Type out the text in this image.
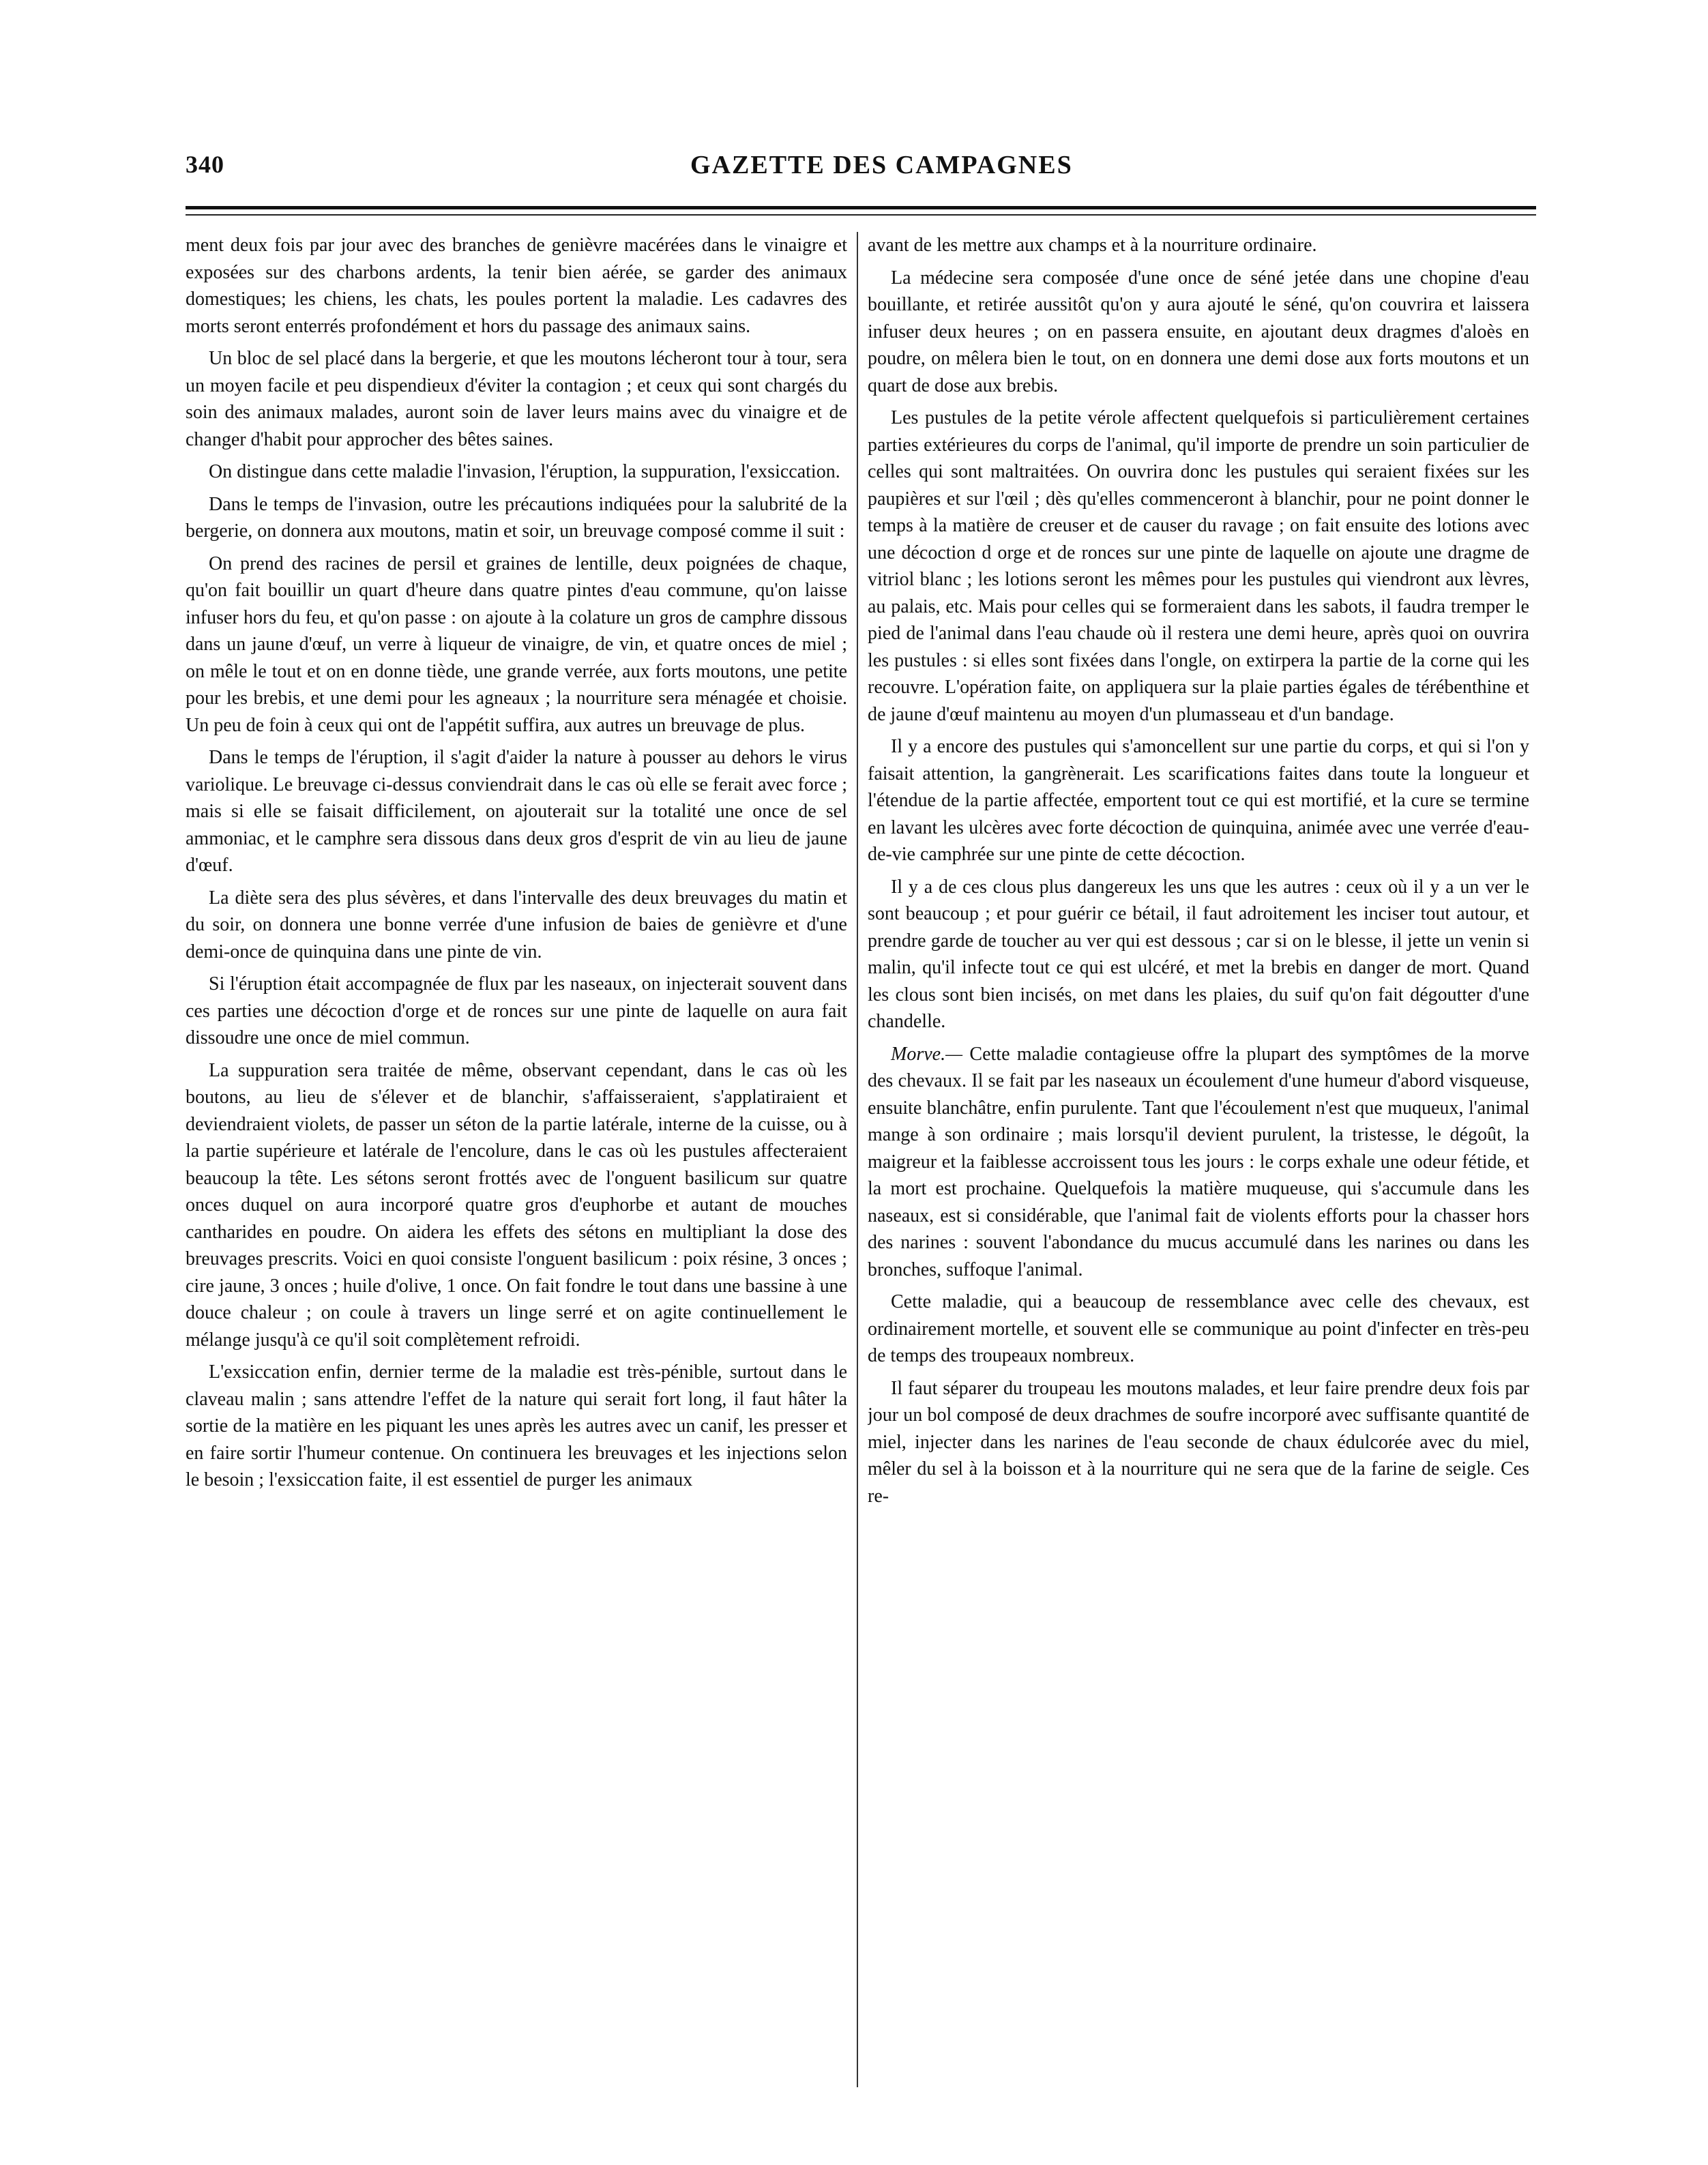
340	GAZETTE DES CAMPAGNES

ment deux fois par jour avec des branches de genièvre macérées dans le vinaigre et exposées sur des charbons ardents, la tenir bien aérée, se garder des animaux domestiques; les chiens, les chats, les poules portent la maladie. Les cadavres des morts seront enterrés profondément et hors du passage des animaux sains.

Un bloc de sel placé dans la bergerie, et que les moutons lécheront tour à tour, sera un moyen facile et peu dispendieux d'éviter la contagion ; et ceux qui sont chargés du soin des animaux malades, auront soin de laver leurs mains avec du vinaigre et de changer d'habit pour approcher des bêtes saines.

On distingue dans cette maladie l'invasion, l'éruption, la suppuration, l'exsiccation.

Dans le temps de l'invasion, outre les précautions indiquées pour la salubrité de la bergerie, on donnera aux moutons, matin et soir, un breuvage composé comme il suit :

On prend des racines de persil et graines de lentille, deux poignées de chaque, qu'on fait bouillir un quart d'heure dans quatre pintes d'eau commune, qu'on laisse infuser hors du feu, et qu'on passe : on ajoute à la colature un gros de camphre dissous dans un jaune d'œuf, un verre à liqueur de vinaigre, de vin, et quatre onces de miel ; on mêle le tout et on en donne tiède, une grande verrée, aux forts moutons, une petite pour les brebis, et une demi pour les agneaux ; la nourriture sera ménagée et choisie. Un peu de foin à ceux qui ont de l'appétit suffira, aux autres un breuvage de plus.

Dans le temps de l'éruption, il s'agit d'aider la nature à pousser au dehors le virus variolique. Le breuvage ci-dessus conviendrait dans le cas où elle se ferait avec force ; mais si elle se faisait difficilement, on ajouterait sur la totalité une once de sel ammoniac, et le camphre sera dissous dans deux gros d'esprit de vin au lieu de jaune d'œuf.

La diète sera des plus sévères, et dans l'intervalle des deux breuvages du matin et du soir, on donnera une bonne verrée d'une infusion de baies de genièvre et d'une demi-once de quinquina dans une pinte de vin.

Si l'éruption était accompagnée de flux par les naseaux, on injecterait souvent dans ces parties une décoction d'orge et de ronces sur une pinte de laquelle on aura fait dissoudre une once de miel commun.

La suppuration sera traitée de même, observant cependant, dans le cas où les boutons, au lieu de s'élever et de blanchir, s'affaisseraient, s'applatiraient et deviendraient violets, de passer un séton de la partie latérale, interne de la cuisse, ou à la partie supérieure et latérale de l'encolure, dans le cas où les pustules affecteraient beaucoup la tête. Les sétons seront frottés avec de l'onguent basilicum sur quatre onces duquel on aura incorporé quatre gros d'euphorbe et autant de mouches cantharides en poudre. On aidera les effets des sétons en multipliant la dose des breuvages prescrits. Voici en quoi consiste l'onguent basilicum : poix résine, 3 onces ; cire jaune, 3 onces ; huile d'olive, 1 once. On fait fondre le tout dans une bassine à une douce chaleur ; on coule à travers un linge serré et on agite continuellement le mélange jusqu'à ce qu'il soit complètement refroidi.

L'exsiccation enfin, dernier terme de la maladie est très-pénible, surtout dans le claveau malin ; sans attendre l'effet de la nature qui serait fort long, il faut hâter la sortie de la matière en les piquant les unes après les autres avec un canif, les presser et en faire sortir l'humeur contenue. On continuera les breuvages et les injections selon le besoin ; l'exsiccation faite, il est essentiel de purger les animaux

avant de les mettre aux champs et à la nourriture ordinaire.

La médecine sera composée d'une once de séné jetée dans une chopine d'eau bouillante, et retirée aussitôt qu'on y aura ajouté le séné, qu'on couvrira et laissera infuser deux heures ; on en passera ensuite, en ajoutant deux dragmes d'aloès en poudre, on mêlera bien le tout, on en donnera une demi dose aux forts moutons et un quart de dose aux brebis.

Les pustules de la petite vérole affectent quelquefois si particulièrement certaines parties extérieures du corps de l'animal, qu'il importe de prendre un soin particulier de celles qui sont maltraitées. On ouvrira donc les pustules qui seraient fixées sur les paupières et sur l'œil ; dès qu'elles commenceront à blanchir, pour ne point donner le temps à la matière de creuser et de causer du ravage ; on fait ensuite des lotions avec une décoction d orge et de ronces sur une pinte de laquelle on ajoute une dragme de vitriol blanc ; les lotions seront les mêmes pour les pustules qui viendront aux lèvres, au palais, etc. Mais pour celles qui se formeraient dans les sabots, il faudra tremper le pied de l'animal dans l'eau chaude où il restera une demi heure, après quoi on ouvrira les pustules : si elles sont fixées dans l'ongle, on extirpera la partie de la corne qui les recouvre. L'opération faite, on appliquera sur la plaie parties égales de térébenthine et de jaune d'œuf maintenu au moyen d'un plumasseau et d'un bandage.

Il y a encore des pustules qui s'amoncellent sur une partie du corps, et qui si l'on y faisait attention, la gangrènerait. Les scarifications faites dans toute la longueur et l'étendue de la partie affectée, emportent tout ce qui est mortifié, et la cure se termine en lavant les ulcères avec forte décoction de quinquina, animée avec une verrée d'eau-de-vie camphrée sur une pinte de cette décoction.

Il y a de ces clous plus dangereux les uns que les autres : ceux où il y a un ver le sont beaucoup ; et pour guérir ce bétail, il faut adroitement les inciser tout autour, et prendre garde de toucher au ver qui est dessous ; car si on le blesse, il jette un venin si malin, qu'il infecte tout ce qui est ulcéré, et met la brebis en danger de mort. Quand les clous sont bien incisés, on met dans les plaies, du suif qu'on fait dégoutter d'une chandelle.

Morve.— Cette maladie contagieuse offre la plupart des symptômes de la morve des chevaux. Il se fait par les naseaux un écoulement d'une humeur d'abord visqueuse, ensuite blanchâtre, enfin purulente. Tant que l'écoulement n'est que muqueux, l'animal mange à son ordinaire ; mais lorsqu'il devient purulent, la tristesse, le dégoût, la maigreur et la faiblesse accroissent tous les jours : le corps exhale une odeur fétide, et la mort est prochaine. Quelquefois la matière muqueuse, qui s'accumule dans les naseaux, est si considérable, que l'animal fait de violents efforts pour la chasser hors des narines : souvent l'abondance du mucus accumulé dans les narines ou dans les bronches, suffoque l'animal.

Cette maladie, qui a beaucoup de ressemblance avec celle des chevaux, est ordinairement mortelle, et souvent elle se communique au point d'infecter en très-peu de temps des troupeaux nombreux.

Il faut séparer du troupeau les moutons malades, et leur faire prendre deux fois par jour un bol composé de deux drachmes de soufre incorporé avec suffisante quantité de miel, injecter dans les narines de l'eau seconde de chaux édulcorée avec du miel, mêler du sel à la boisson et à la nourriture qui ne sera que de la farine de seigle. Ces re-
